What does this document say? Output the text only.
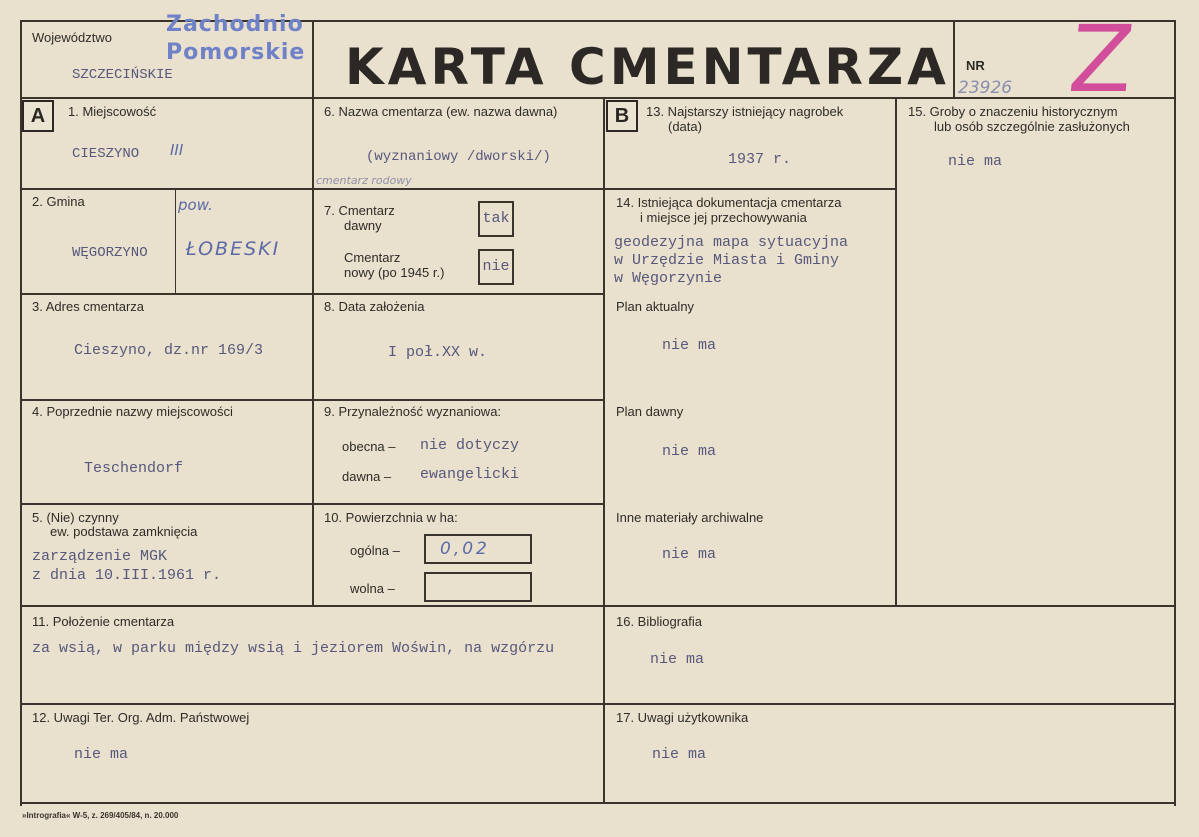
Województwo
SZCZECIŃSKIE
Zachodnio
Pomorskie KARTA CMENTARZA NR
23926 Z
A	B
1. Miejscowość
CIESZYNO III
2. Gmina
WĘGORZYNO
pow.
ŁOBESKI
3. Adres cmentarza
Cieszyno, dz.nr 169/3
4. Poprzednie nazwy miejscowości
Teschendorf
5. (Nie) czynny
ew. podstawa zamknięcia
zarządzenie MGK
z dnia 10.III.1961 r.
6. Nazwa cmentarza (ew. nazwa dawna)
(wyznaniowy /dworski/)
cmentarz rodowy
7. Cmentarz
dawny	tak
Cmentarz
nowy (po 1945 r.)	nie
8. Data założenia
I poł.XX w.
9. Przynależność wyznaniowa:
obecna – nie dotyczy
dawna – ewangelicki
10. Powierzchnia w ha:
ogólna – 0,02
wolna –
11. Położenie cmentarza
za wsią, w parku między wsią i jeziorem Woświn, na wzgórzu
12. Uwagi Ter. Org. Adm. Państwowej
nie ma
13. Najstarszy istniejący nagrobek
(data)
1937 r.
14. Istniejąca dokumentacja cmentarza
i miejsce jej przechowywania
geodezyjna mapa sytuacyjna
w Urzędzie Miasta i Gminy
w Węgorzynie
Plan aktualny
nie ma
Plan dawny
nie ma
Inne materiały archiwalne
nie ma
15. Groby o znaczeniu historycznym
lub osób szczególnie zasłużonych
nie ma
16. Bibliografia
nie ma
17. Uwagi użytkownika
nie ma
»Intrografia« W-5, z. 269/405/84, n. 20.000
